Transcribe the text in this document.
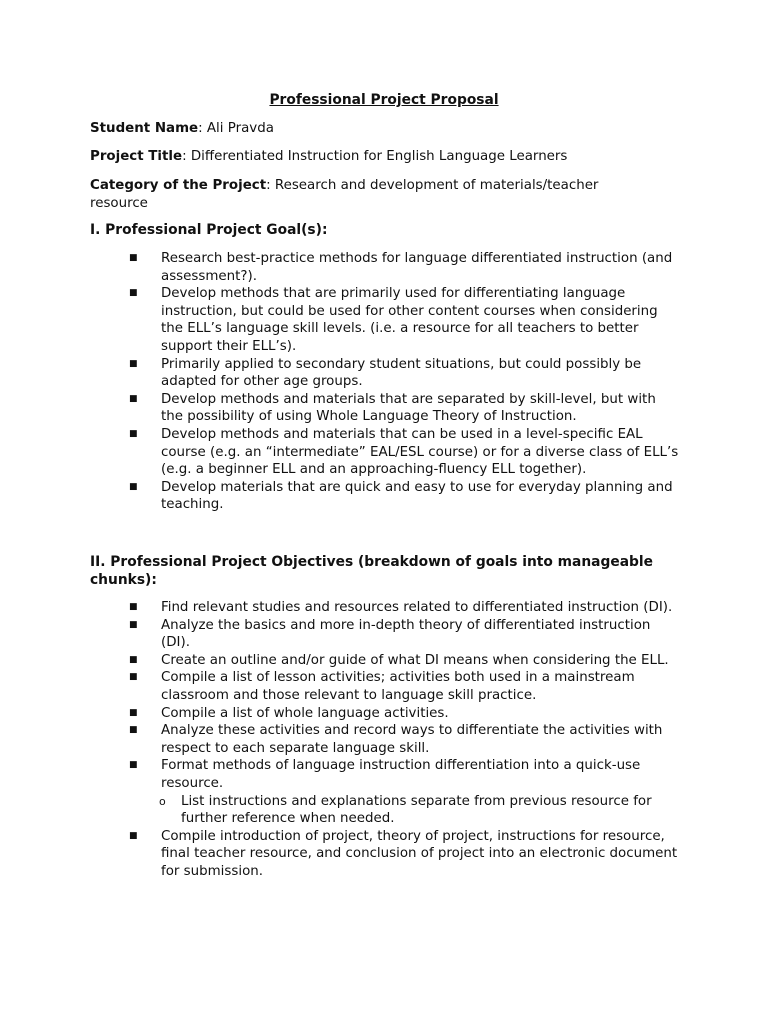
Professional Project Proposal
Student Name: Ali Pravda
Project Title: Differentiated Instruction for English Language Learners
Category of the Project: Research and development of materials/teacher resource
I. Professional Project Goal(s):
■ Research best-practice methods for language differentiated instruction (and assessment?).
■ Develop methods that are primarily used for differentiating language instruction, but could be used for other content courses when considering the ELL’s language skill levels. (i.e. a resource for all teachers to better support their ELL’s).
■ Primarily applied to secondary student situations, but could possibly be adapted for other age groups.
■ Develop methods and materials that are separated by skill-level, but with the possibility of using Whole Language Theory of Instruction.
■ Develop methods and materials that can be used in a level-specific EAL course (e.g. an “intermediate” EAL/ESL course) or for a diverse class of ELL’s (e.g. a beginner ELL and an approaching-fluency ELL together).
■ Develop materials that are quick and easy to use for everyday planning and teaching.
II. Professional Project Objectives (breakdown of goals into manageable chunks):
■ Find relevant studies and resources related to differentiated instruction (DI).
■ Analyze the basics and more in-depth theory of differentiated instruction (DI).
■ Create an outline and/or guide of what DI means when considering the ELL.
■ Compile a list of lesson activities; activities both used in a mainstream classroom and those relevant to language skill practice.
■ Compile a list of whole language activities.
■ Analyze these activities and record ways to differentiate the activities with respect to each separate language skill.
■ Format methods of language instruction differentiation into a quick-use resource.
o List instructions and explanations separate from previous resource for further reference when needed.
■ Compile introduction of project, theory of project, instructions for resource, final teacher resource, and conclusion of project into an electronic document for submission.
